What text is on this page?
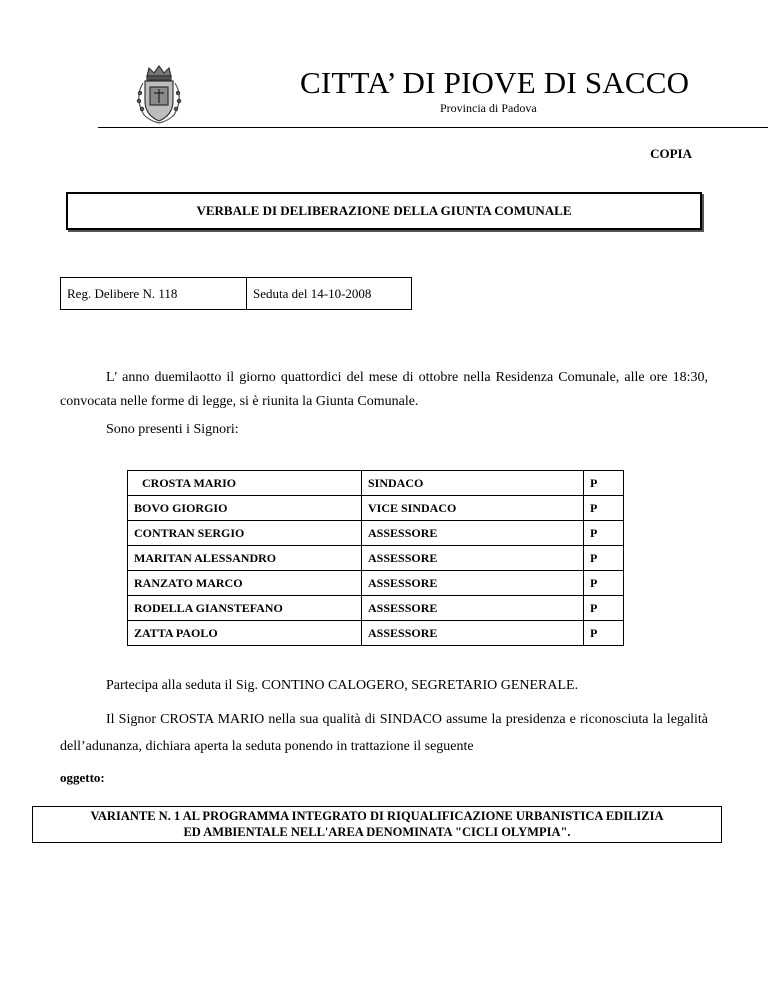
CITTA’ DI PIOVE DI SACCO
Provincia di Padova
COPIA
VERBALE DI DELIBERAZIONE DELLA GIUNTA COMUNALE
Reg. Delibere N. 118	Seduta del 14-10-2008
L' anno duemilaotto il giorno quattordici del mese di ottobre nella Residenza Comunale, alle ore 18:30, convocata nelle forme di legge, si è riunita la Giunta Comunale.
Sono presenti i Signori:
CROSTA MARIO	SINDACO	P
BOVO GIORGIO	VICE SINDACO	P
CONTRAN SERGIO	ASSESSORE	P
MARITAN ALESSANDRO	ASSESSORE	P
RANZATO MARCO	ASSESSORE	P
RODELLA GIANSTEFANO	ASSESSORE	P
ZATTA PAOLO	ASSESSORE	P
Partecipa alla seduta il Sig. CONTINO CALOGERO, SEGRETARIO GENERALE.
Il Signor CROSTA MARIO nella sua qualità di SINDACO assume la presidenza e riconosciuta la legalità dell’adunanza, dichiara aperta la seduta ponendo in trattazione il seguente
oggetto:
VARIANTE N. 1 AL PROGRAMMA INTEGRATO DI RIQUALIFICAZIONE URBANISTICA EDILIZIA
ED AMBIENTALE NELL'AREA DENOMINATA "CICLI OLYMPIA".
